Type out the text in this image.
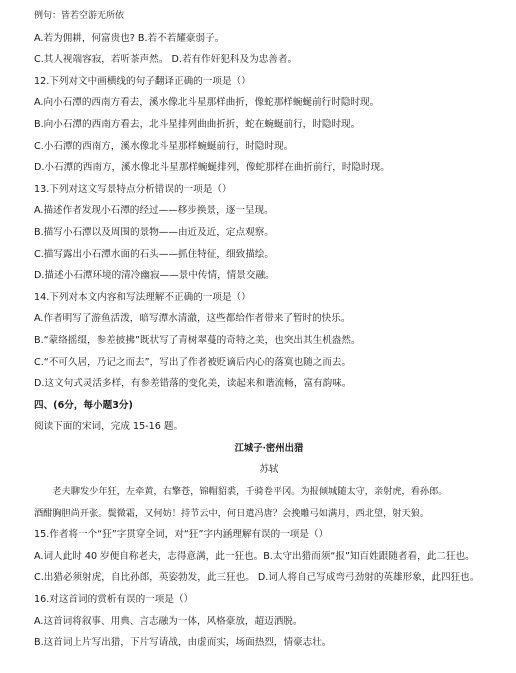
例句：皆若空游无所依
A.若为佣耕，何富贵也? B.若不若耀豪弱子。
C.其人视端容寂，若听茶声然。 D.若有作奸犯科及为忠善者。
12.下列对文中画横线的句子翻译正确的一项是（）
A.向小石潭的西南方看去，溪水像北斗星那样曲折，像蛇那样蜿蜒前行时隐时现。
B.向小石潭的西南方看去，北斗星排列曲曲折折，蛇在蜿蜒前行，时隐时现。
C.小石潭的西南方，溪水像北斗星那样蜿蜒前行，时隐时现。
D.小石潭的西南方，溪水像北斗星那样蜿蜒排列，像蛇那样在曲折前行，时隐时现。
13.下列对这文写景特点分析错误的一项是（）
A.描述作者发现小石潭的经过——移步换景，逐一呈现。
B.描写小石潭以及周围的景物——由近及近，定点观察。
C.描写露出小石潭水面的石头——抓住特征，细致描绘。
D.描述小石潭环境的清冷幽寂——景中传情，情景交融。
14.下列对本文内容和写法理解不正确的一项是（）
A.作者明写了游鱼活泼，暗写潭水清澈，这些都给作者带来了暂时的快乐。
B.“蒙络摇缀，参差披拂”既状写了青树翠蔓的奇特之美，也突出其生机盎然。
C.“不可久居，乃记之而去”，写出了作者被贬谪后内心的落寞也随之而去。
D.这文句式灵活多样，有参差错落的变化美，读起来和谐流畅，富有韵味。
四、(6分，每小题3分)
阅读下面的宋词，完成 15-16 题。
江城子·密州出猎
苏轼
老夫聊发少年狂，左牵黄，右擎苍，锦帽貂裘，千骑卷平冈。为报倾城随太守，亲射虎，看孙郎。
酒酣胸胆尚开张。鬓微霜，又何妨！持节云中，何日遣冯唐？会挽雕弓如满月，西北望，射天狼。
15.作者将一个“狂”字贯穿全词，对“狂”字内涵理解有误的一项是（）
A.词人此时 40 岁便自称老夫，志得意满，此一狂也。B.太守出猎而须“报”知百姓跟随者看，此二狂也。
C.出猎必须射虎，自比孙郎，英姿勃发，此三狂也。 D.词人将自己写成弯弓劲射的英雄形象，此四狂也。
16.对这首词的赏析有误的一项是（）
A.这首词将叙事、用典、言志融为一体，风格豪放，超迈洒脱。
B.这首词上片写出猎，下片写请战，由虚而实，场面热烈，情豪志壮。
